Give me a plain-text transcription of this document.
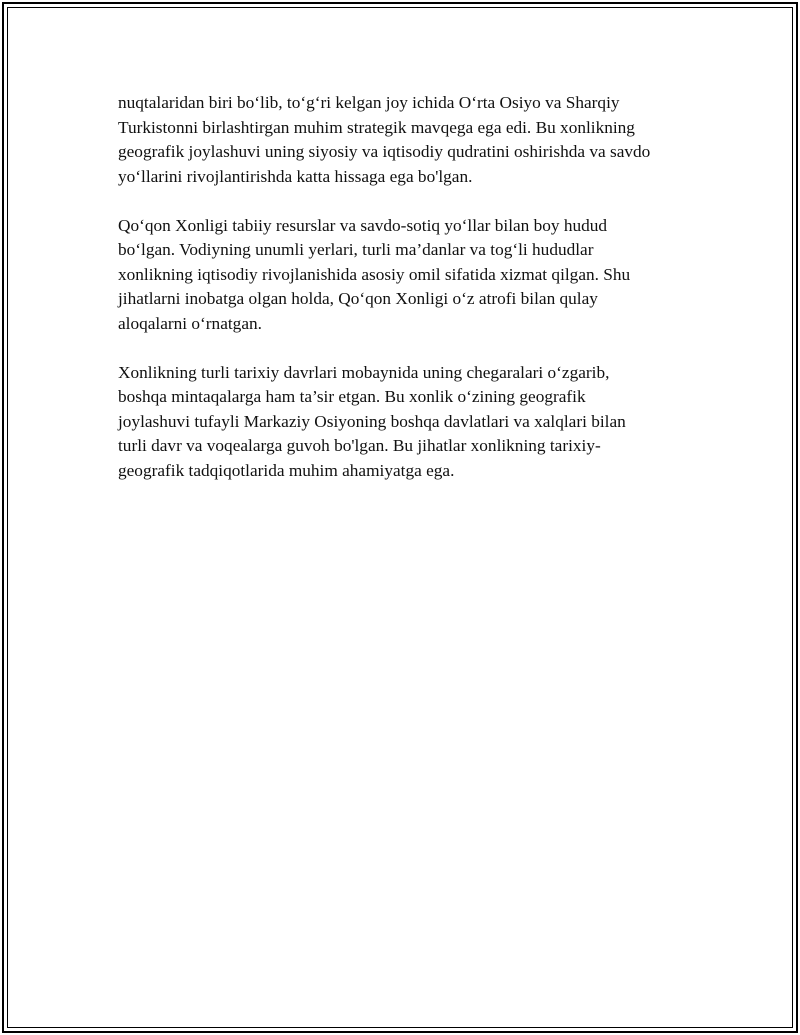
nuqtalaridan biri bo‘lib, to‘g‘ri kelgan joy ichida O‘rta Osiyo va Sharqiy
Turkistonni birlashtirgan muhim strategik mavqega ega edi. Bu xonlikning
geografik joylashuvi uning siyosiy va iqtisodiy qudratini oshirishda va savdo
yo‘llarini rivojlantirishda katta hissaga ega bo'lgan.

Qo‘qon Xonligi tabiiy resurslar va savdo-sotiq yo‘llar bilan boy hudud
bo‘lgan. Vodiyning unumli yerlari, turli ma’danlar va tog‘li hududlar
xonlikning iqtisodiy rivojlanishida asosiy omil sifatida xizmat qilgan. Shu
jihatlarni inobatga olgan holda, Qo‘qon Xonligi o‘z atrofi bilan qulay
aloqalarni o‘rnatgan.

Xonlikning turli tarixiy davrlari mobaynida uning chegaralari o‘zgarib,
boshqa mintaqalarga ham ta’sir etgan. Bu xonlik o‘zining geografik
joylashuvi tufayli Markaziy Osiyoning boshqa davlatlari va xalqlari bilan
turli davr va voqealarga guvoh bo'lgan. Bu jihatlar xonlikning tarixiy-
geografik tadqiqotlarida muhim ahamiyatga ega.
